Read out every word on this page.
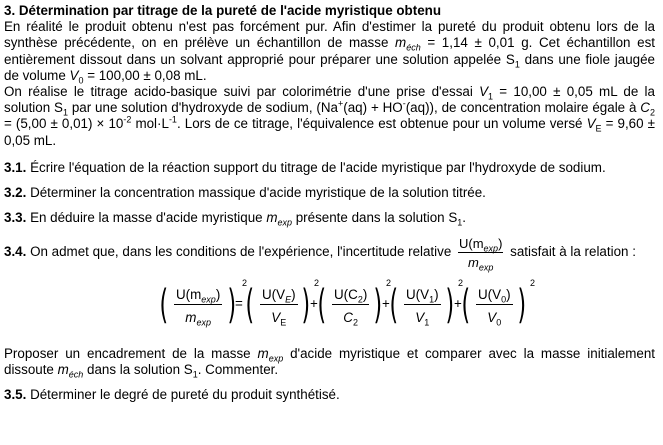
3. Détermination par titrage de la pureté de l'acide myristique obtenu

En réalité le produit obtenu n'est pas forcément pur. Afin d'estimer la pureté du produit obtenu lors de la synthèse précédente, on en prélève un échantillon de masse $m_{éch} = 1,14 \pm 0,01$ g. Cet échantillon est entièrement dissout dans un solvant approprié pour préparer une solution appelée $S_1$ dans une fiole jaugée de volume $V_0 = 100,00 \pm 0,08$ mL.

On réalise le titrage acido-basique suivi par colorimétrie d'une prise d'essai $V_1 = 10,00 \pm 0,05$ mL de la solution $S_1$ par une solution d'hydroxyde de sodium, (Na+(aq) + HO-(aq)), de concentration molaire égale à $C_2 = (5,00 \pm 0,01) \times 10^{-2}$ $mol\cdot L^{-1}$. Lors de ce titrage, l'équivalence est obtenue pour un volume versé $V_E = 9,60 \pm 0,05$ mL.

3.1. Écrire l'équation de la réaction support du titrage de l'acide myristique par l'hydroxyde de sodium.

3.2. Déterminer la concentration massique d'acide myristique de la solution titrée.

3.3. En déduire la masse d'acide myristique $m_{exp}$ présente dans la solution $S_1$.

3.4. On admet que, dans les conditions de l'expérience, l'incertitude relative $\frac{U(m_{exp})}{m_{exp}}$ satisfait à la relation :

( $\frac{U(m_{exp})}{m_{exp}}$ ) 2
= ( $\frac{U(V_E)}{V_E}$ ) 2
+ ( $\frac{U(C_2)}{C_2}$ ) 2
+ ( $\frac{U(V_1)}{V_1}$ ) 2
+ ( $\frac{U(V_0)}{V_0}$ ) 2

Proposer un encadrement de la masse $m_{exp}$ d'acide myristique et comparer avec la masse initialement dissoute $m_{éch}$ dans la solution $S_1$. Commenter.

3.5. Déterminer le degré de pureté du produit synthétisé.
